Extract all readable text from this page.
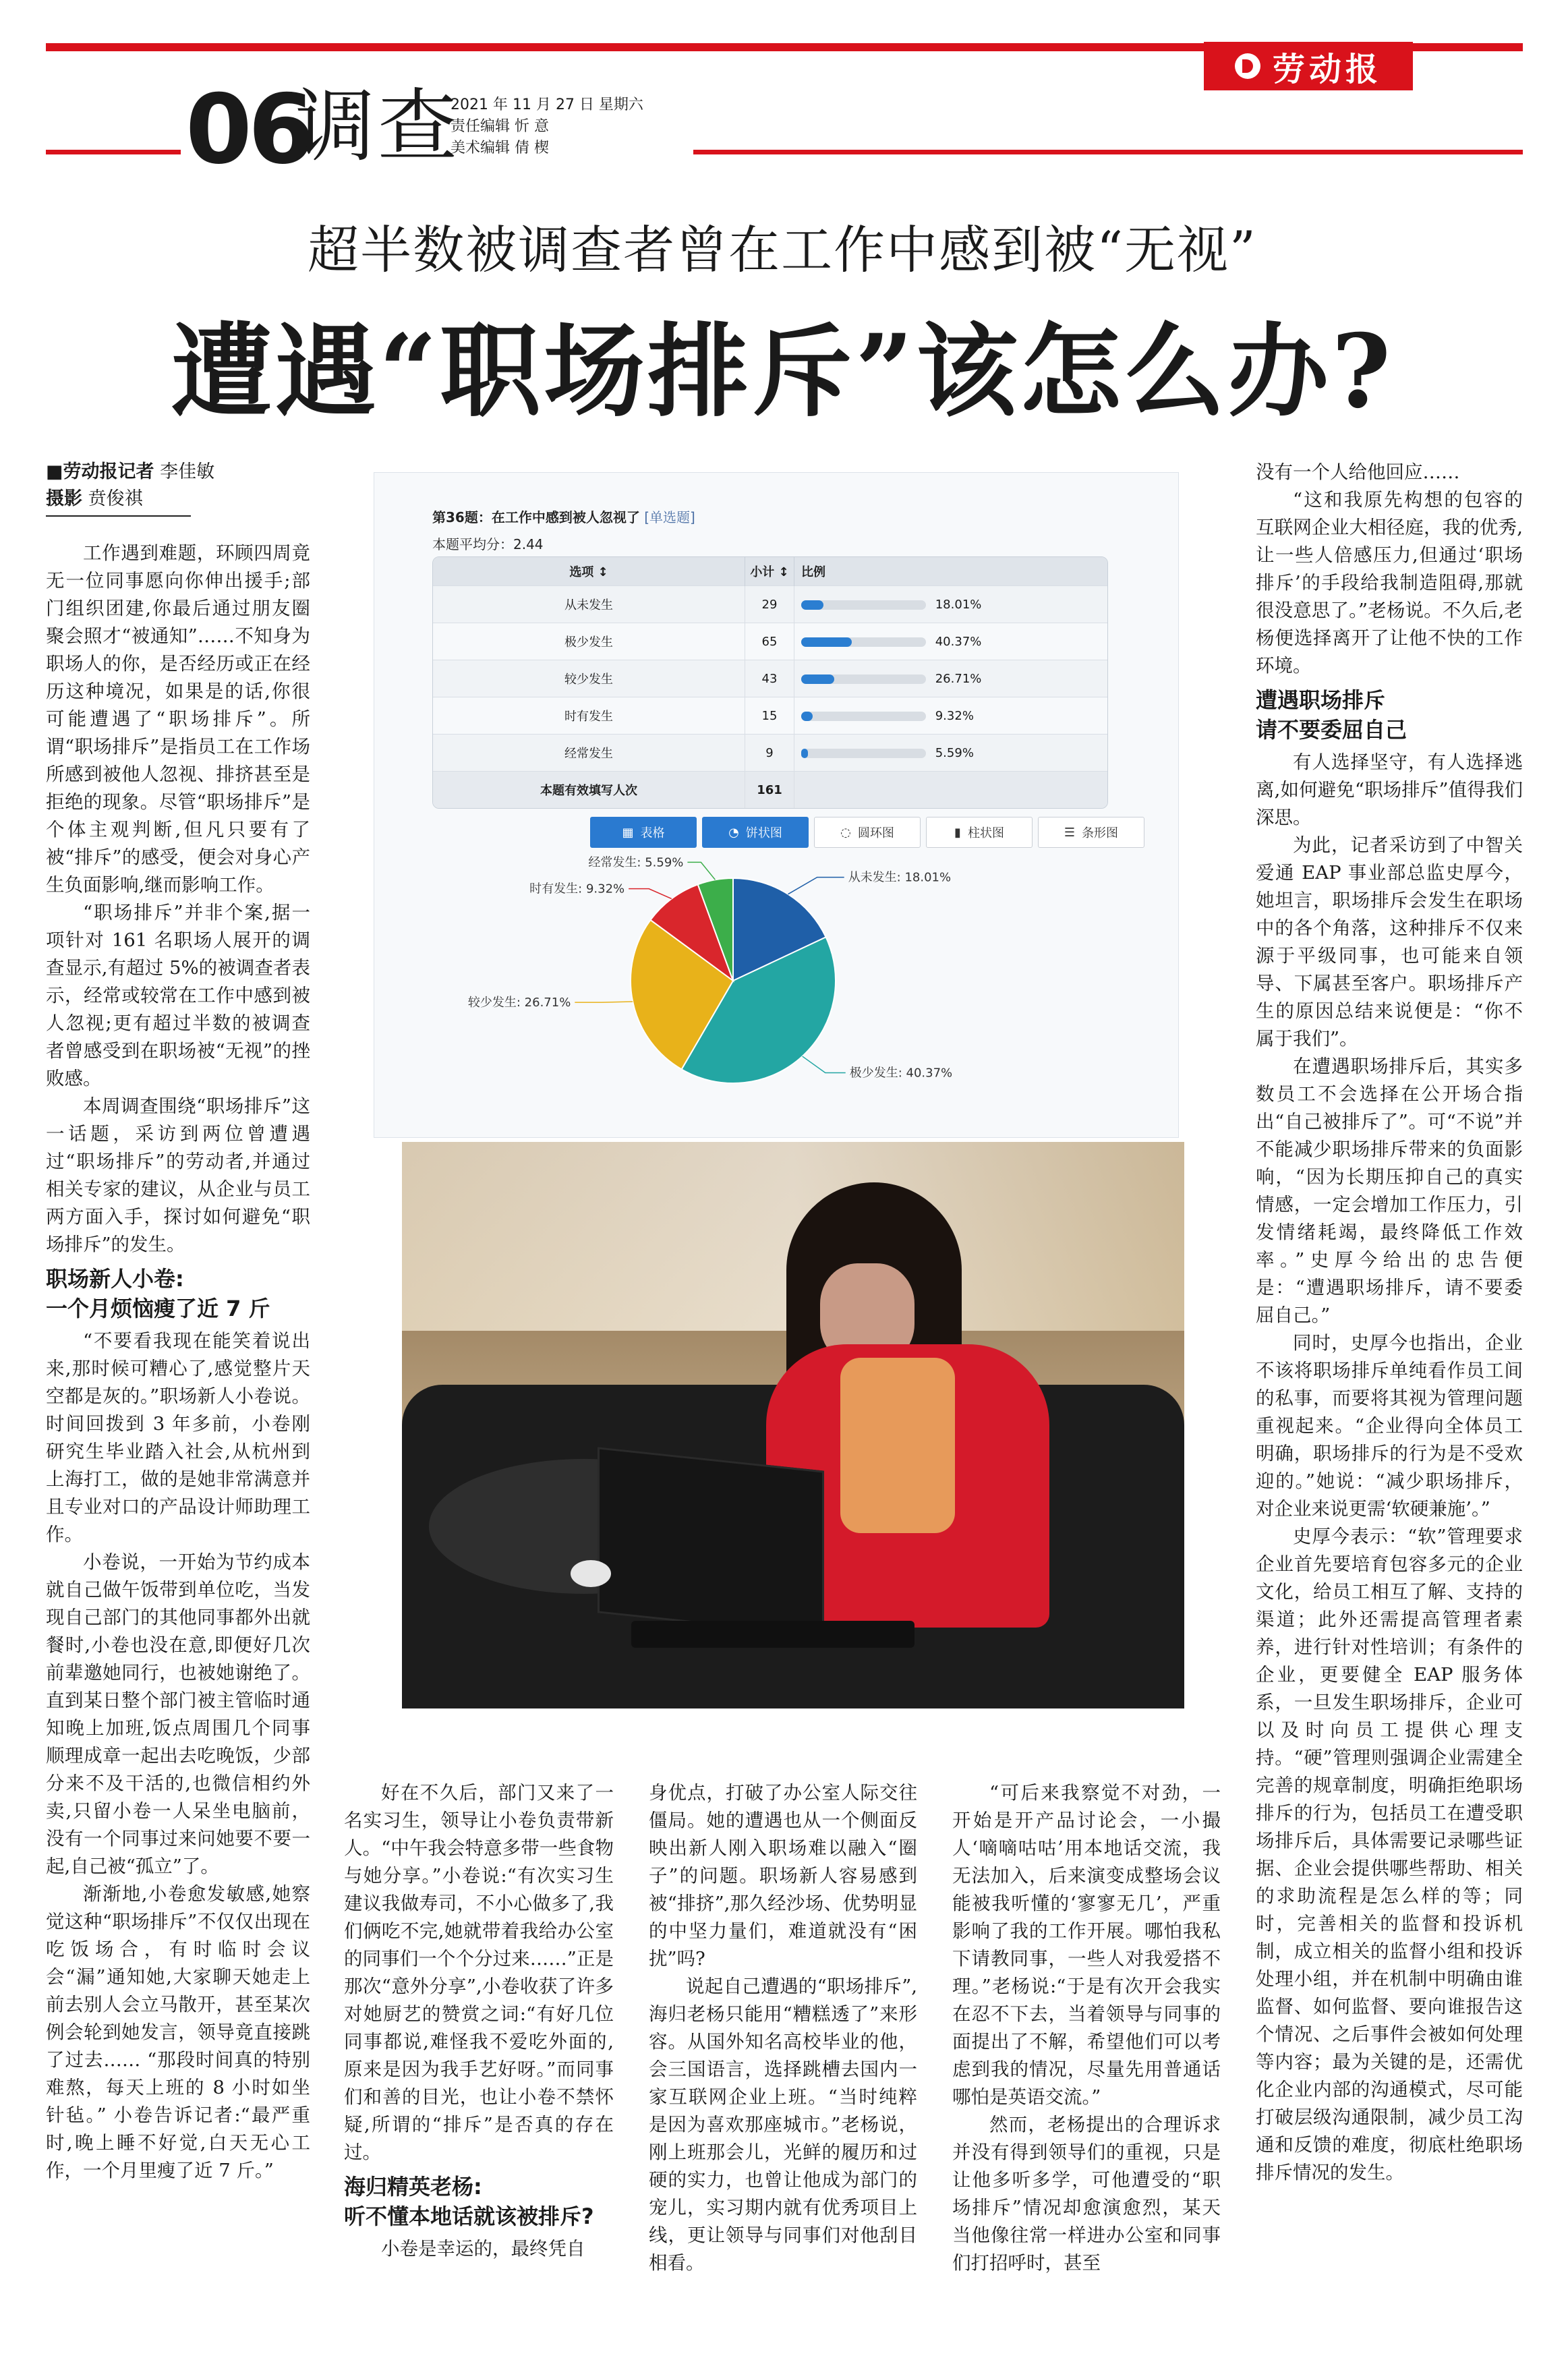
劳动报
06
调查
2021 年 11 月 27 日 星期六
责任编辑 忻 意
美术编辑 倩 楔
超半数被调查者曾在工作中感到被“无视”
遭遇“职场排斥”该怎么办?
■劳动报记者 李佳敏
摄影 贲俊祺

工作遇到难题，环顾四周竟无一位同事愿向你伸出援手;部门组织团建,你最后通过朋友圈聚会照才“被通知”……不知身为职场人的你，是否经历或正在经历这种境况，如果是的话,你很可能遭遇了“职场排斥”。所谓“职场排斥”是指员工在工作场所感到被他人忽视、排挤甚至是拒绝的现象。尽管“职场排斥”是个体主观判断,但凡只要有了被“排斥”的感受，便会对身心产生负面影响,继而影响工作。

“职场排斥”并非个案,据一项针对 161 名职场人展开的调查显示,有超过 5%的被调查者表示，经常或较常在工作中感到被人忽视;更有超过半数的被调查者曾感受到在职场被“无视”的挫败感。

本周调查围绕“职场排斥”这一话题，采访到两位曾遭遇过“职场排斥”的劳动者,并通过相关专家的建议，从企业与员工两方面入手，探讨如何避免“职场排斥”的发生。

职场新人小卷:
一个月烦恼瘦了近 7 斤

“不要看我现在能笑着说出来,那时候可糟心了,感觉整片天空都是灰的。”职场新人小卷说。时间回拨到 3 年多前，小卷刚研究生毕业踏入社会,从杭州到上海打工，做的是她非常满意并且专业对口的产品设计师助理工作。

小卷说，一开始为节约成本就自己做午饭带到单位吃，当发现自己部门的其他同事都外出就餐时,小卷也没在意,即便好几次前辈邀她同行，也被她谢绝了。直到某日整个部门被主管临时通知晚上加班,饭点周围几个同事顺理成章一起出去吃晚饭，少部分来不及干活的,也微信相约外卖,只留小卷一人呆坐电脑前，没有一个同事过来问她要不要一起,自己被“孤立”了。

渐渐地,小卷愈发敏感,她察觉这种“职场排斥”不仅仅出现在吃饭场合，有时临时会议会“漏”通知她,大家聊天她走上前去别人会立马散开，甚至某次例会轮到她发言，领导竟直接跳了过去…… “那段时间真的特别难熬，每天上班的 8 小时如坐针毡。” 小卷告诉记者:“最严重时,晚上睡不好觉,白天无心工作，一个月里瘦了近 7 斤。”

第36题：在工作中感到被人忽视了 [单选题]
本题平均分：2.44
选项 ↕	小计 ↕	比例
从未发生	29	18.01%
极少发生	65	40.37%
较少发生	43	26.71%
时有发生	15	9.32%
经常发生	9	5.59%
本题有效填写人次	161	
▦ 表格	◔ 饼状图	◌ 圆环图	▮ 柱状图	☰ 条形图
从未发生: 18.01%
极少发生: 40.37%
较少发生: 26.71%
时有发生: 9.32%
经常发生: 5.59%

好在不久后，部门又来了一名实习生，领导让小卷负责带新人。“中午我会特意多带一些食物与她分享。”小卷说:“有次实习生建议我做寿司，不小心做多了,我们俩吃不完,她就带着我给办公室的同事们一个个分过来……”正是那次“意外分享”,小卷收获了许多对她厨艺的赞赏之词:“有好几位同事都说,难怪我不爱吃外面的,原来是因为我手艺好呀。”而同事们和善的目光，也让小卷不禁怀疑,所谓的“排斥”是否真的存在过。

海归精英老杨:
听不懂本地话就该被排斥?

小卷是幸运的，最终凭自

身优点，打破了办公室人际交往僵局。她的遭遇也从一个侧面反映出新人刚入职场难以融入“圈子”的问题。职场新人容易感到被“排挤”,那久经沙场、优势明显的中坚力量们，难道就没有“困扰”吗?

说起自己遭遇的“职场排斥”,海归老杨只能用“糟糕透了”来形容。从国外知名高校毕业的他，会三国语言，选择跳槽去国内一家互联网企业上班。“当时纯粹是因为喜欢那座城市。”老杨说，刚上班那会儿，光鲜的履历和过硬的实力，也曾让他成为部门的宠儿，实习期内就有优秀项目上线，更让领导与同事们对他刮目相看。

“可后来我察觉不对劲，一开始是开产品讨论会，一小撮人‘嘀嘀咕咕’用本地话交流，我无法加入，后来演变成整场会议能被我听懂的‘寥寥无几’，严重影响了我的工作开展。哪怕我私下请教同事，一些人对我爱搭不理。”老杨说:“于是有次开会我实在忍不下去，当着领导与同事的面提出了不解，希望他们可以考虑到我的情况，尽量先用普通话哪怕是英语交流。”

然而，老杨提出的合理诉求并没有得到领导们的重视，只是让他多听多学，可他遭受的“职场排斥”情况却愈演愈烈，某天当他像往常一样进办公室和同事们打招呼时，甚至

没有一个人给他回应……

“这和我原先构想的包容的互联网企业大相径庭，我的优秀,让一些人倍感压力,但通过‘职场排斥’的手段给我制造阻碍,那就很没意思了。”老杨说。不久后,老杨便选择离开了让他不快的工作环境。

遭遇职场排斥
请不要委屈自己

有人选择坚守，有人选择逃离,如何避免“职场排斥”值得我们深思。

为此，记者采访到了中智关爱通 EAP 事业部总监史厚今，她坦言，职场排斥会发生在职场中的各个角落，这种排斥不仅来源于平级同事，也可能来自领导、下属甚至客户。职场排斥产生的原因总结来说便是：“你不属于我们”。

在遭遇职场排斥后，其实多数员工不会选择在公开场合指出“自己被排斥了”。可“不说”并不能减少职场排斥带来的负面影响，“因为长期压抑自己的真实情感，一定会增加工作压力，引发情绪耗竭，最终降低工作效率。”史厚今给出的忠告便是：“遭遇职场排斥，请不要委屈自己。”

同时，史厚今也指出，企业不该将职场排斥单纯看作员工间的私事，而要将其视为管理问题重视起来。“企业得向全体员工明确，职场排斥的行为是不受欢迎的。”她说：“减少职场排斥，对企业来说更需‘软硬兼施’。”

史厚今表示：“软”管理要求企业首先要培育包容多元的企业文化，给员工相互了解、支持的渠道；此外还需提高管理者素养，进行针对性培训；有条件的企业，更要健全 EAP 服务体系，一旦发生职场排斥，企业可以及时向员工提供心理支持。“硬”管理则强调企业需建全完善的规章制度，明确拒绝职场排斥的行为，包括员工在遭受职场排斥后，具体需要记录哪些证据、企业会提供哪些帮助、相关的求助流程是怎么样的等；同时，完善相关的监督和投诉机制，成立相关的监督小组和投诉处理小组，并在机制中明确由谁监督、如何监督、要向谁报告这个情况、之后事件会被如何处理等内容；最为关键的是，还需优化企业内部的沟通模式，尽可能打破层级沟通限制，减少员工沟通和反馈的难度，彻底杜绝职场排斥情况的发生。
